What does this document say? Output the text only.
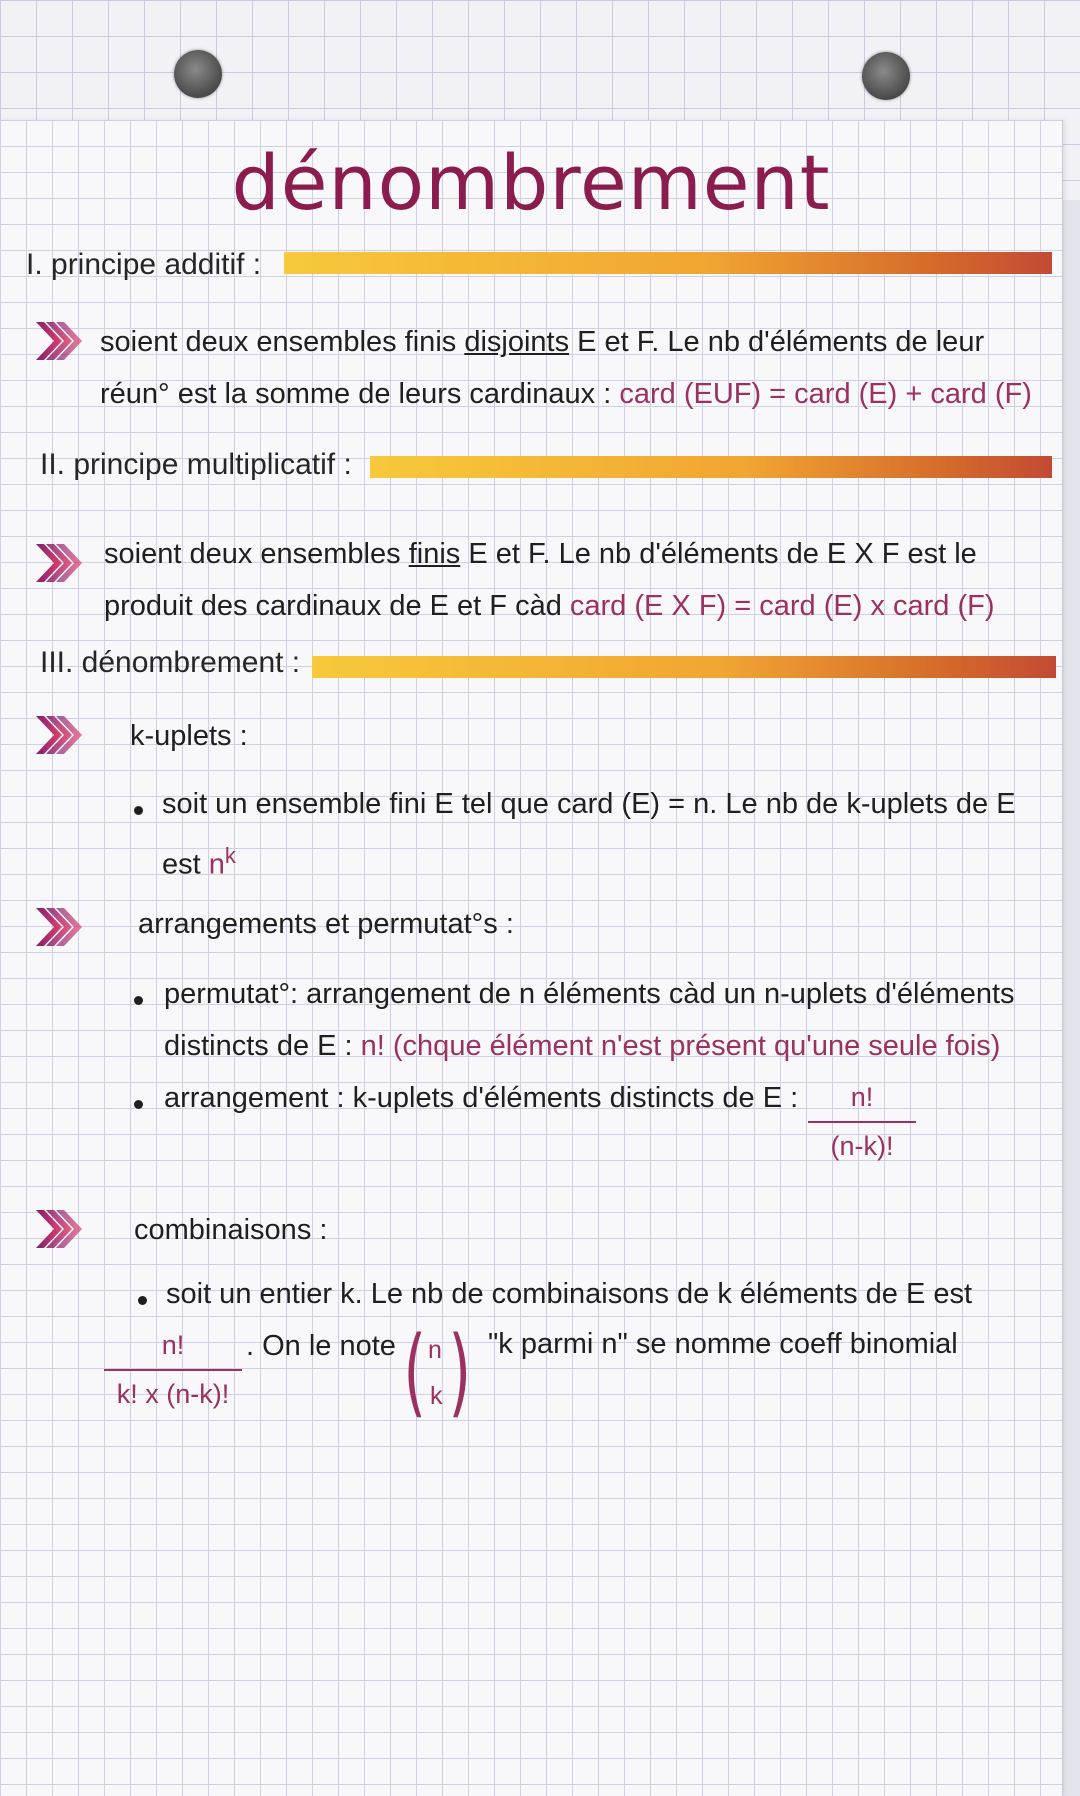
dénombrement
I. principe additif :
soient deux ensembles finis disjoints E et F. Le nb d'éléments de leur
réun° est la somme de leurs cardinaux : card (EUF) = card (E) + card (F)
II. principe multiplicatif :
soient deux ensembles finis E et F. Le nb d'éléments de E X F est le
produit des cardinaux de E et F càd card (E X F) = card (E) x card (F)
III. dénombrement :
k-uplets :
soit un ensemble fini E tel que card (E) = n. Le nb de k-uplets de E
est $n^k$
arrangements et permutat°s :
permutat°: arrangement de n éléments càd un n-uplets d'éléments
distincts de E : n! (chque élément n'est présent qu'une seule fois)
arrangement : k-uplets d'éléments distincts de E :	n!
(n-k)!
combinaisons :
soit un entier k. Le nb de combinaisons de k éléments de E est
n!
k! x (n-k)!
. On le note ( n
k ) "k parmi n" se nomme coeff binomial
